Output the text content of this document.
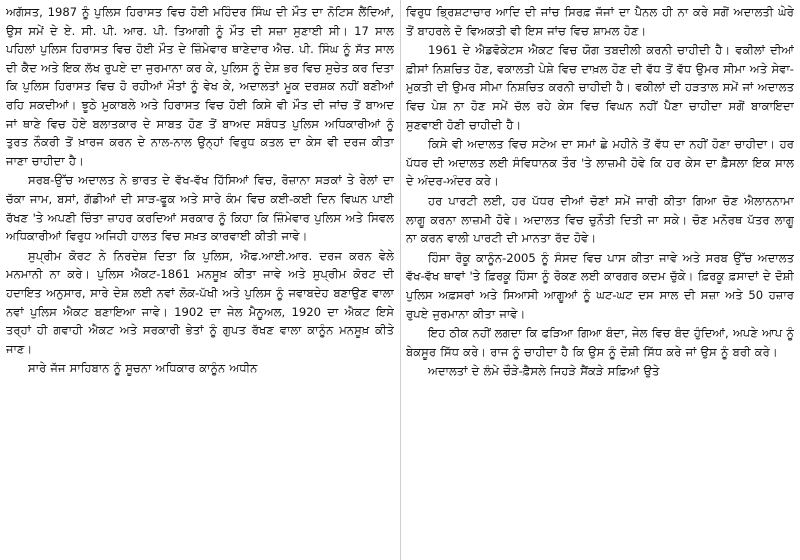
ਅਗੱਸਤ, 1987 ਨੂੰ ਪੁਲਿਸ ਹਿਰਾਸਤ ਵਿਚ ਹੋਈ ਮਹਿੰਦਰ ਸਿੰਘ ਦੀ ਮੌਤ ਦਾ ਨੋਟਿਸ ਲੈਂਦਿਆਂ, ਉਸ ਸਮੇਂ ਦੇ ਏ. ਸੀ. ਪੀ. ਆਰ. ਪੀ. ਤਿਆਗੀ ਨੂੰ ਮੌਤ ਦੀ ਸਜ਼ਾ ਸੁਣਾਈ ਸੀ। 17 ਸਾਲ ਪਹਿਲਾਂ ਪੁਲਿਸ ਹਿਰਾਸਤ ਵਿਚ ਹੋਈ ਮੌਤ ਦੇ ਜ਼ਿੰਮੇਵਾਰ ਥਾਣੇਦਾਰ ਐਚ. ਪੀ. ਸਿੰਘ ਨੂੰ ਸੱਤ ਸਾਲ ਦੀ ਕੈਦ ਅਤੇ ਇਕ ਲੱਖ ਰੁਪਏ ਦਾ ਜੁਰਮਾਨਾ ਕਰ ਕੇ, ਪੁਲਿਸ ਨੂੰ ਦੇਸ਼ ਭਰ ਵਿਚ ਸੁਚੇਤ ਕਰ ਦਿਤਾ ਕਿ ਪੁਲਿਸ ਹਿਰਾਸਤ ਵਿਚ ਹੋ ਰਹੀਆਂ ਮੌਤਾਂ ਨੂੰ ਵੇਖ ਕੇ, ਅਦਾਲਤਾਂ ਮੂਕ ਦਰਸ਼ਕ ਨਹੀਂ ਬਣੀਆਂ ਰਹਿ ਸਕਦੀਆਂ। ਝੂਠੇ ਮੁਕਾਬਲੇ ਅਤੇ ਹਿਰਾਸਤ ਵਿਚ ਹੋਈ ਕਿਸੇ ਵੀ ਮੌਤ ਦੀ ਜਾਂਚ ਤੋਂ ਬਾਅਦ ਜਾਂ ਥਾਣੇ ਵਿਚ ਹੋਏ ਬਲਾਤਕਾਰ ਦੇ ਸਾਬਤ ਹੋਣ ਤੋਂ ਬਾਅਦ ਸਬੰਧਤ ਪੁਲਿਸ ਅਧਿਕਾਰੀਆਂ ਨੂੰ ਤੁਰਤ ਨੌਕਰੀ ਤੋਂ ਖ਼ਾਰਜ ਕਰਨ ਦੇ ਨਾਲ-ਨਾਲ ਉਨ੍ਹਾਂ ਵਿਰੁਧ ਕਤਲ ਦਾ ਕੇਸ ਵੀ ਦਰਜ ਕੀਤਾ ਜਾਣਾ ਚਾਹੀਦਾ ਹੈ।

ਸਰਬ-ਉੱਚ ਅਦਾਲਤ ਨੇ ਭਾਰਤ ਦੇ ਵੱਖ-ਵੱਖ ਹਿੱਸਿਆਂ ਵਿਚ, ਰੋਜ਼ਾਨਾ ਸੜਕਾਂ ਤੇ ਰੇਲਾਂ ਦਾ ਚੱਕਾ ਜਾਮ, ਬਸਾਂ, ਗੱਡੀਆਂ ਦੀ ਸਾੜ-ਫੂਕ ਅਤੇ ਸਾਰੇ ਕੰਮ ਵਿਚ ਕਈ-ਕਈ ਦਿਨ ਵਿਘਨ ਪਾਈ ਰੱਖਣ 'ਤੇ ਅਪਣੀ ਚਿੰਤਾ ਜ਼ਾਹਰ ਕਰਦਿਆਂ ਸਰਕਾਰ ਨੂੰ ਕਿਹਾ ਕਿ ਜ਼ਿੰਮੇਵਾਰ ਪੁਲਿਸ ਅਤੇ ਸਿਵਲ ਅਧਿਕਾਰੀਆਂ ਵਿਰੁਧ ਅਜਿਹੀ ਹਾਲਤ ਵਿਚ ਸਖ਼ਤ ਕਾਰਵਾਈ ਕੀਤੀ ਜਾਵੇ।

ਸੁਪ੍ਰੀਮ ਕੋਰਟ ਨੇ ਨਿਰਦੇਸ਼ ਦਿਤਾ ਕਿ ਪੁਲਿਸ, ਐਫ.ਆਈ.ਆਰ. ਦਰਜ ਕਰਨ ਵੇਲੇ ਮਨਮਾਨੀ ਨਾ ਕਰੇ। ਪੁਲਿਸ ਐਕਟ-1861 ਮਨਸੂਖ਼ ਕੀਤਾ ਜਾਵੇ ਅਤੇ ਸੁਪ੍ਰੀਮ ਕੋਰਟ ਦੀ ਹਦਾਇਤ ਅਨੁਸਾਰ, ਸਾਰੇ ਦੇਸ਼ ਲਈ ਨਵਾਂ ਲੋਕ-ਪੱਖੀ ਅਤੇ ਪੁਲਿਸ ਨੂੰ ਜਵਾਬਦੇਹ ਬਣਾਉਣ ਵਾਲਾ ਨਵਾਂ ਪੁਲਿਸ ਐਕਟ ਬਣਾਇਆ ਜਾਵੇ। 1902 ਦਾ ਜੇਲ ਮੈਨੂਅਲ, 1920 ਦਾ ਐਕਟ ਇਸੇ ਤਰ੍ਹਾਂ ਹੀ ਗਵਾਹੀ ਐਕਟ ਅਤੇ ਸਰਕਾਰੀ ਭੇਤਾਂ ਨੂੰ ਗੁਪਤ ਰੱਖਣ ਵਾਲਾ ਕਾਨੂੰਨ ਮਨਸੂਖ਼ ਕੀਤੇ ਜਾਣ।

ਸਾਰੇ ਜੱਜ ਸਾਹਿਬਾਨ ਨੂੰ ਸੂਚਨਾ ਅਧਿਕਾਰ ਕਾਨੂੰਨ ਅਧੀਨ

ਵਿਰੁਧ ਭ੍ਰਿਸ਼ਟਾਚਾਰ ਆਦਿ ਦੀ ਜਾਂਚ ਸਿਰਫ਼ ਜੱਜਾਂ ਦਾ ਪੈਨਲ ਹੀ ਨਾ ਕਰੇ ਸਗੋਂ ਅਦਾਲਤੀ ਘੇਰੇ ਤੋਂ ਬਾਹਰਲੇ ਦੋ ਵਿਅਕਤੀ ਵੀ ਇਸ ਜਾਂਚ ਵਿਚ ਸ਼ਾਮਲ ਹੋਣ।

1961 ਦੇ ਐਡਵੋਕੇਟਸ ਐਕਟ ਵਿਚ ਯੋਗ ਤਬਦੀਲੀ ਕਰਨੀ ਚਾਹੀਦੀ ਹੈ। ਵਕੀਲਾਂ ਦੀਆਂ ਫ਼ੀਸਾਂ ਨਿਸ਼ਚਿਤ ਹੋਣ, ਵਕਾਲਤੀ ਪੇਸ਼ੇ ਵਿਚ ਦਾਖ਼ਲ ਹੋਣ ਦੀ ਵੱਧ ਤੋਂ ਵੱਧ ਉਮਰ ਸੀਮਾ ਅਤੇ ਸੇਵਾ-ਮੁਕਤੀ ਦੀ ਉਮਰ ਸੀਮਾ ਨਿਸ਼ਚਿਤ ਕਰਨੀ ਚਾਹੀਦੀ ਹੈ। ਵਕੀਲਾਂ ਦੀ ਹੜਤਾਲ ਸਮੇਂ ਜਾਂ ਅਦਾਲਤ ਵਿਚ ਪੇਸ਼ ਨਾ ਹੋਣ ਸਮੇਂ ਚੱਲ ਰਹੇ ਕੇਸ ਵਿਚ ਵਿਘਨ ਨਹੀਂ ਪੈਣਾ ਚਾਹੀਦਾ ਸਗੋਂ ਬਾਕਾਇਦਾ ਸੁਣਵਾਈ ਹੋਣੀ ਚਾਹੀਦੀ ਹੈ।

ਕਿਸੇ ਵੀ ਅਦਾਲਤ ਵਿਚ ਸਟੇਅ ਦਾ ਸਮਾਂ ਛੇ ਮਹੀਨੇ ਤੋਂ ਵੱਧ ਦਾ ਨਹੀਂ ਹੋਣਾ ਚਾਹੀਦਾ। ਹਰ ਪੱਧਰ ਦੀ ਅਦਾਲਤ ਲਈ ਸੰਵਿਧਾਨਕ ਤੌਰ 'ਤੇ ਲਾਜ਼ਮੀ ਹੋਵੇ ਕਿ ਹਰ ਕੇਸ ਦਾ ਫ਼ੈਸਲਾ ਇਕ ਸਾਲ ਦੇ ਅੰਦਰ-ਅੰਦਰ ਕਰੇ।

ਹਰ ਪਾਰਟੀ ਲਈ, ਹਰ ਪੱਧਰ ਦੀਆਂ ਚੋਣਾਂ ਸਮੇਂ ਜਾਰੀ ਕੀਤਾ ਗਿਆ ਚੋਣ ਐਲਾਨਨਾਮਾ ਲਾਗੂ ਕਰਨਾ ਲਾਜ਼ਮੀ ਹੋਵੇ। ਅਦਾਲਤ ਵਿਚ ਚੁਨੌਤੀ ਦਿਤੀ ਜਾ ਸਕੇ। ਚੋਣ ਮਨੋਰਥ ਪੱਤਰ ਲਾਗੂ ਨਾ ਕਰਨ ਵਾਲੀ ਪਾਰਟੀ ਦੀ ਮਾਨਤਾ ਰੱਦ ਹੋਵੇ।

ਹਿੰਸਾ ਰੋਕੂ ਕਾਨੂੰਨ-2005 ਨੂੰ ਸੰਸਦ ਵਿਚ ਪਾਸ ਕੀਤਾ ਜਾਵੇ ਅਤੇ ਸਰਬ ਉੱਚ ਅਦਾਲਤ ਵੱਖ-ਵੱਖ ਥਾਵਾਂ 'ਤੇ ਫ਼ਿਰਕੂ ਹਿੰਸਾ ਨੂੰ ਰੋਕਣ ਲਈ ਕਾਰਗਰ ਕਦਮ ਚੁੱਕੇ। ਫ਼ਿਰਕੂ ਫ਼ਸਾਦਾਂ ਦੇ ਦੋਸ਼ੀ ਪੁਲਿਸ ਅਫ਼ਸਰਾਂ ਅਤੇ ਸਿਆਸੀ ਆਗੂਆਂ ਨੂੰ ਘਟ-ਘਟ ਦਸ ਸਾਲ ਦੀ ਸਜ਼ਾ ਅਤੇ 50 ਹਜ਼ਾਰ ਰੁਪਏ ਜੁਰਮਾਨਾ ਕੀਤਾ ਜਾਵੇ।

ਇਹ ਠੀਕ ਨਹੀਂ ਲਗਦਾ ਕਿ ਫੜਿਆ ਗਿਆ ਬੰਦਾ, ਜੇਲ ਵਿਚ ਬੰਦ ਹੁੰਦਿਆਂ, ਅਪਣੇ ਆਪ ਨੂੰ ਬੇਕਸੂਰ ਸਿੱਧ ਕਰੇ। ਰਾਜ ਨੂੰ ਚਾਹੀਦਾ ਹੈ ਕਿ ਉਸ ਨੂੰ ਦੋਸ਼ੀ ਸਿੱਧ ਕਰੇ ਜਾਂ ਉਸ ਨੂੰ ਬਰੀ ਕਰੇ।

ਅਦਾਲਤਾਂ ਦੇ ਲੰਮੇ ਚੌੜੇ-ਫ਼ੈਸਲੇ ਜਿਹੜੇ ਸੈਂਕੜੇ ਸਫ਼ਿਆਂ ਉਤੇ
